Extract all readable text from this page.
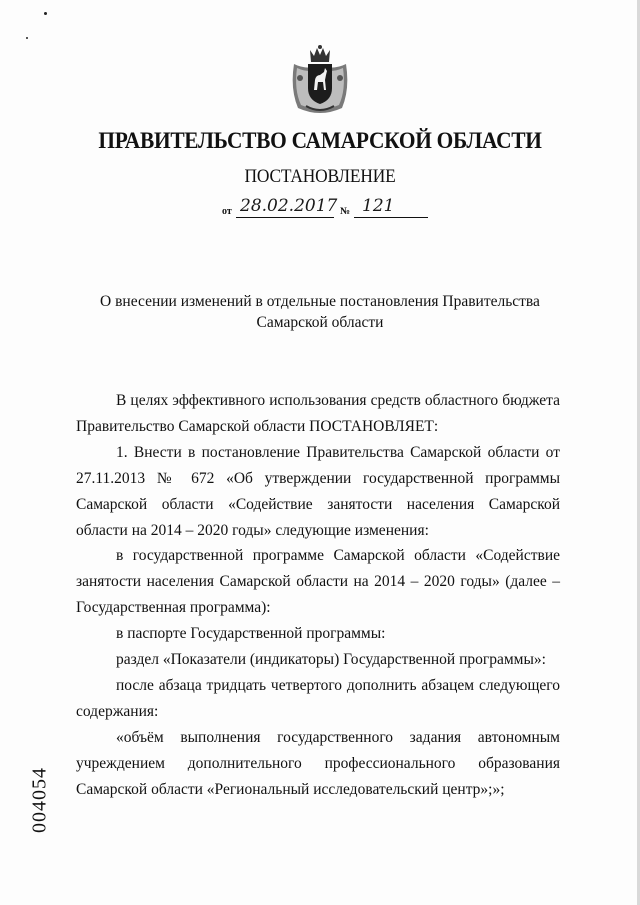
ПРАВИТЕЛЬСТВО САМАРСКОЙ ОБЛАСТИ
ПОСТАНОВЛЕНИЕ
от 28.02.2017 № 121
О внесении изменений в отдельные постановления Правительства
Самарской области

В целях эффективного использования средств областного бюджета Правительство Самарской области ПОСТАНОВЛЯЕТ:

1. Внести в постановление Правительства Самарской области от 27.11.2013 № 672 «Об утверждении государственной программы Самарской области «Содействие занятости населения Самарской области на 2014 – 2020 годы» следующие изменения:

в государственной программе Самарской области «Содействие занятости населения Самарской области на 2014 – 2020 годы» (далее – Государственная программа):

в паспорте Государственной программы:

раздел «Показатели (индикаторы) Государственной программы»:

после абзаца тридцать четвертого дополнить абзацем следующего содержания:

«объём выполнения государственного задания автономным учреждением дополнительного профессионального образования Самарской области «Региональный исследовательский центр»;»;

004054
